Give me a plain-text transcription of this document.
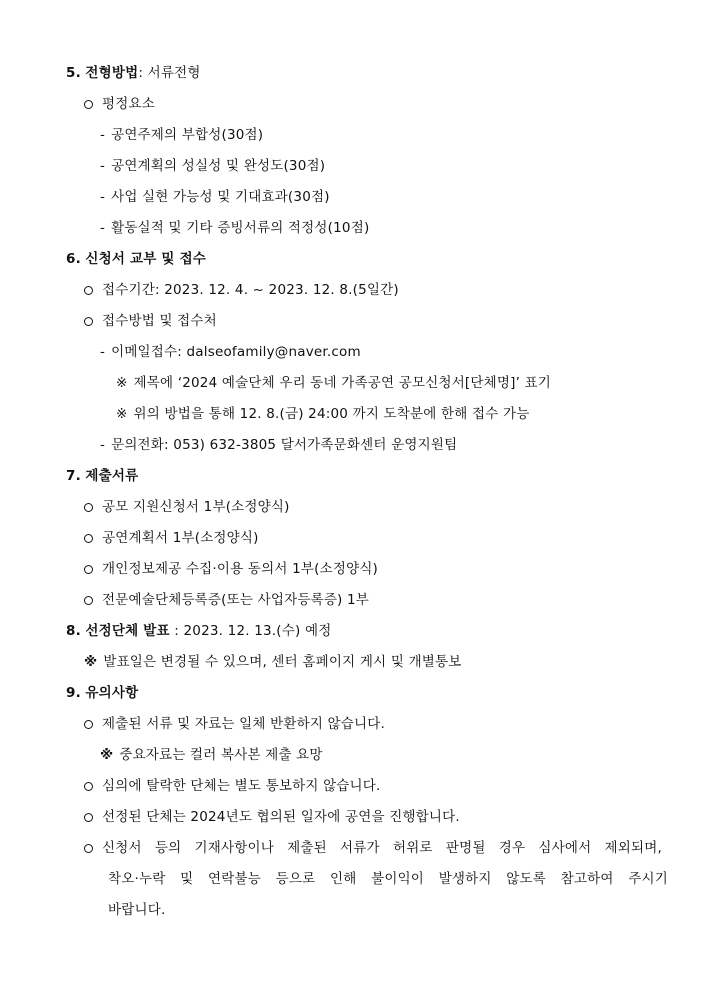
5. 전형방법: 서류전형
평정요소
- 공연주제의 부합성(30점)
- 공연계획의 성실성 및 완성도(30점)
- 사업 실현 가능성 및 기대효과(30점)
- 활동실적 및 기타 증빙서류의 적정성(10점)
6. 신청서 교부 및 접수
접수기간: 2023. 12. 4. ~ 2023. 12. 8.(5일간)
접수방법 및 접수처
- 이메일접수: dalseofamily@naver.com
※ 제목에 ‘2024 예술단체 우리 동네 가족공연 공모신청서[단체명]’ 표기
※ 위의 방법을 통해 12. 8.(금) 24:00 까지 도착분에 한해 접수 가능
- 문의전화: 053) 632-3805 달서가족문화센터 운영지원팀
7. 제출서류
공모 지원신청서 1부(소정양식)
공연계획서 1부(소정양식)
개인정보제공 수집·이용 동의서 1부(소정양식)
전문예술단체등록증(또는 사업자등록증) 1부
8. 선정단체 발표 : 2023. 12. 13.(수) 예정
※ 발표일은 변경될 수 있으며, 센터 홈페이지 게시 및 개별통보
9. 유의사항
제출된 서류 및 자료는 일체 반환하지 않습니다.
※ 중요자료는 컬러 복사본 제출 요망
심의에 탈락한 단체는 별도 통보하지 않습니다.
선정된 단체는 2024년도 협의된 일자에 공연을 진행합니다.
신청서 등의 기재사항이나 제출된 서류가 허위로 판명될 경우 심사에서 제외되며,
착오·누락 및 연락불능 등으로 인해 불이익이 발생하지 않도록 참고하여 주시기
바랍니다.
